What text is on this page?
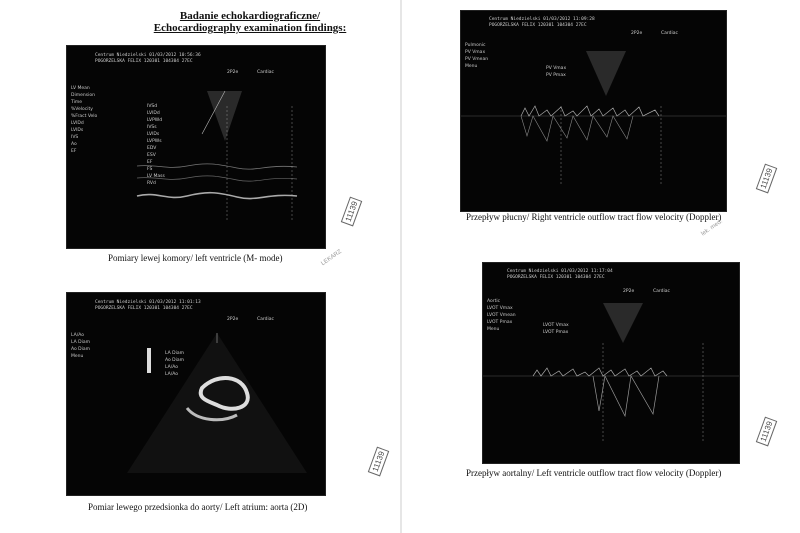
Badanie echokardiograficzne/
Echocardiography examination findings:
Centrum Niedzielski 01/03/2012 10:56:36
POGORZELSKA FELIX 120301 104304 27EC
2P2e	Cardiac
LV Mean
Dimension
Time
%Velocity
%Fract Velo
LVIDd
LVIDs
IVS
Ao
EF
IVSd
LVIDd
LVPWd
IVSs
LVIDs
LVPWs
EDV
ESV
EF
FS
LV Mass
RVd
Pomiary lewej komory/ left ventricle (M- mode)
Centrum Niedzielski 01/03/2012 11:09:28
POGORZELSKA FELIX 120301 104304 27EC
2P2e	Cardiac
Pulmonic
PV Vmax
PV Vmean
Menu	PV Vmax
PV Pmax
Przepływ płucny/ Right ventricle outflow tract flow velocity (Doppler)
Centrum Niedzielski 01/03/2012 11:01:13
POGORZELSKA FELIX 120301 104304 27EC
2P2e	Cardiac
LA/Ao
LA Diam
Ao Diam
Menu
LA Diam
Ao Diam
LA/Ao
LA/Ao
Pomiar lewego przedsionka do aorty/ Left atrium: aorta (2D)
Centrum Niedzielski 01/03/2012 11:17:04
POGORZELSKA FELIX 120301 104304 27EC
2P2e	Cardiac
Aortic
LVOT Vmax
LVOT Vmean
LVOT Pmax
Menu
LVOT Vmax
LVOT Pmax
Przepływ aortalny/ Left ventricle outflow tract flow velocity (Doppler)
11139
11139
11139
11139
LEKARZ
lek. med.
